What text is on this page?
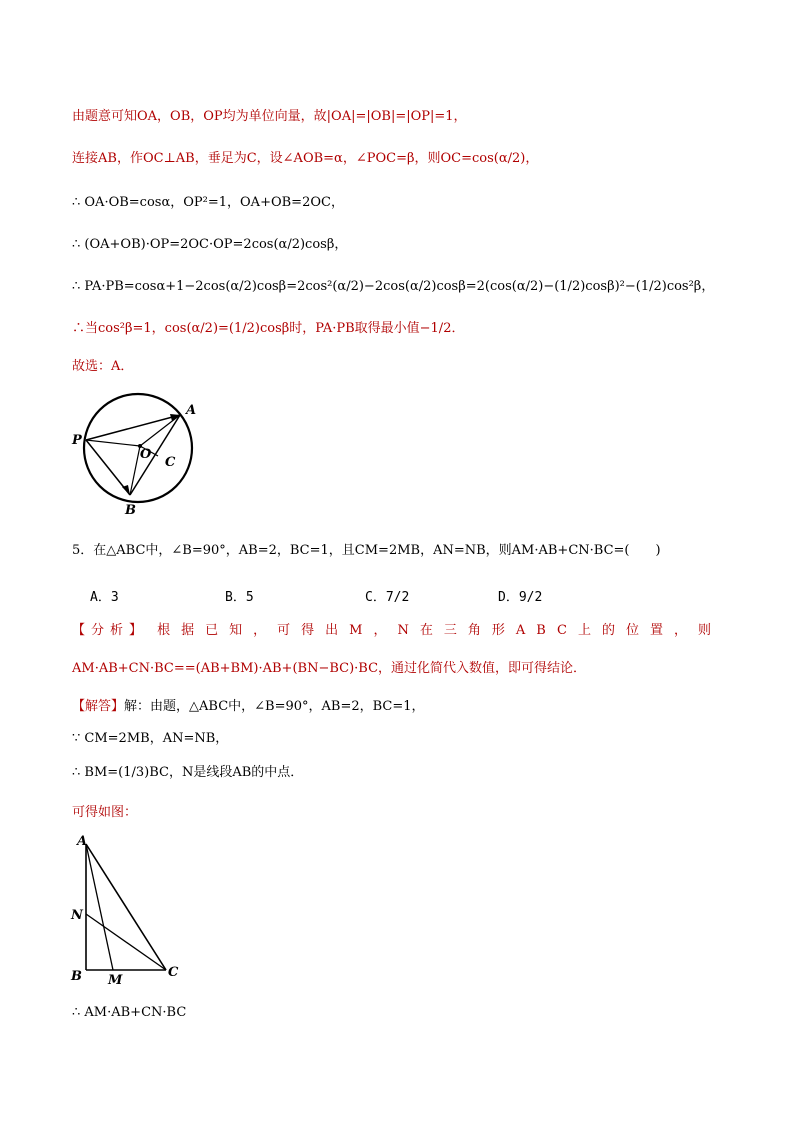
由题意可知OA，OB，OP均为单位向量，故|OA|=|OB|=|OP|=1，
连接AB，作OC⊥AB，垂足为C，设∠AOB=α，∠POC=β，则OC=cos(α/2)，
∴ OA·OB=cosα，OP²=1，OA+OB=2OC，
∴ (OA+OB)·OP=2OC·OP=2cos(α/2)cosβ，
∴ PA·PB=cosα+1−2cos(α/2)cosβ=2cos²(α/2)−2cos(α/2)cosβ=2(cos(α/2)−(1/2)cosβ)²−(1/2)cos²β，
∴当cos²β=1，cos(α/2)=(1/2)cosβ时，PA·PB取得最小值−1/2．
故选：A．
P
A
B
O
C
5．在△ABC中，∠B=90°，AB=2，BC=1，且CM=2MB，AN=NB，则AM·AB+CN·BC=(　　)
A．3	B．5	C．7/2	D．9/2
【分析】 根据已知，可得出M，N在三角形ABC上的位置，则
AM·AB+CN·BC==(AB+BM)·AB+(BN−BC)·BC，通过化简代入数值，即可得结论．
【解答】解：由题，△ABC中，∠B=90°，AB=2，BC=1，
∵ CM=2MB，AN=NB，
∴ BM=(1/3)BC，N是线段AB的中点．
可得如图：
A
N
B M
C
∴ AM·AB+CN·BC
